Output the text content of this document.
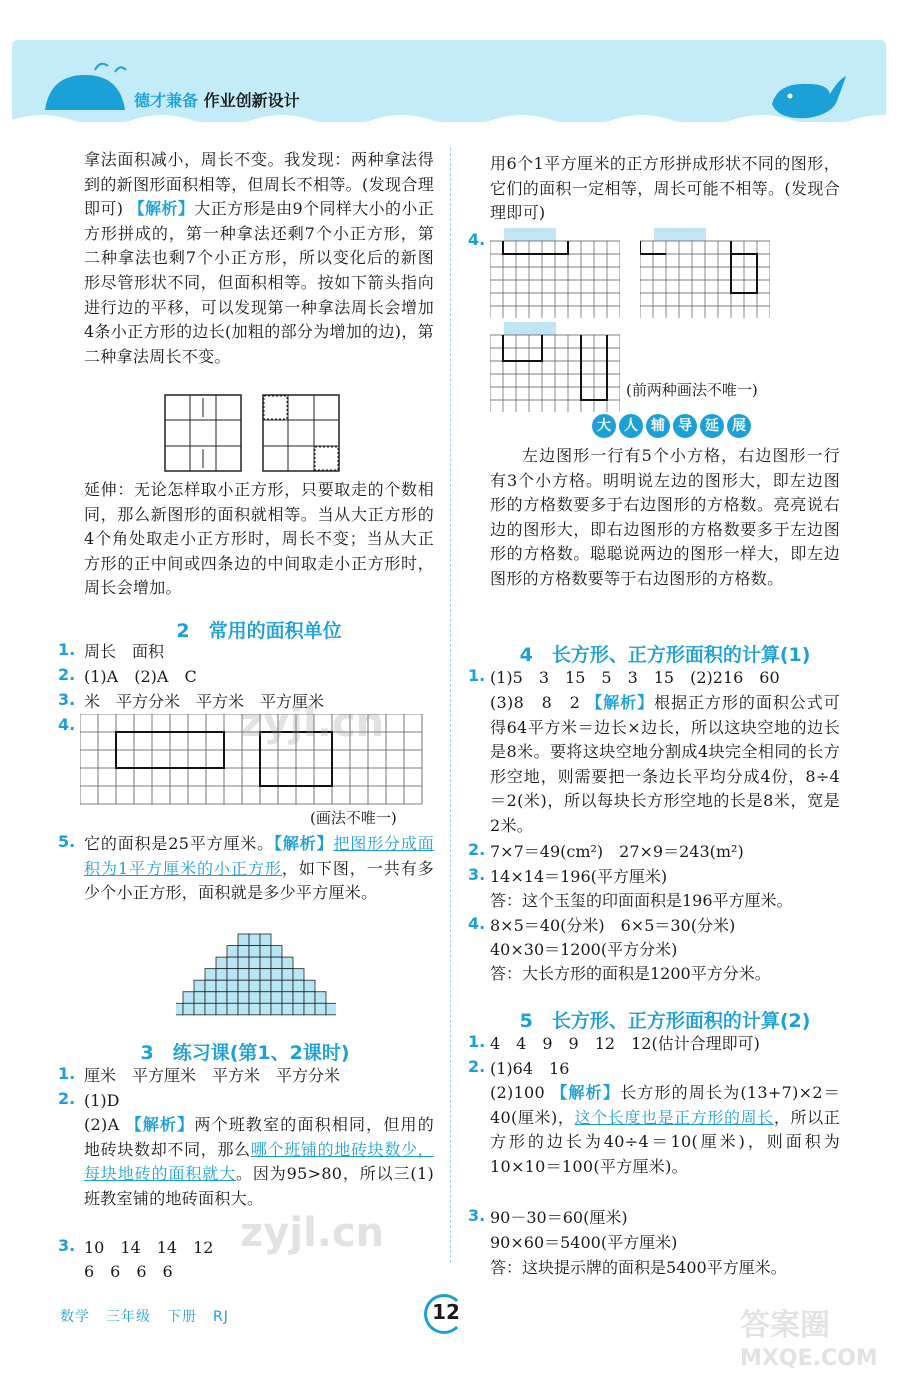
德才兼备 作业创新设计
拿法面积减小，周长不变。我发现：两种拿法得到的新图形面积相等，但周长不相等。(发现合理即可) 【解析】大正方形是由9个同样大小的小正方形拼成的，第一种拿法还剩7个小正方形，第二种拿法也剩7个小正方形，所以变化后的新图形尽管形状不同，但面积相等。按如下箭头指向进行边的平移，可以发现第一种拿法周长会增加4条小正方形的边长(加粗的部分为增加的边)，第二种拿法周长不变。
延伸：无论怎样取小正方形，只要取走的个数相同，那么新图形的面积就相等。当从大正方形的4个角处取走小正方形时，周长不变；当从大正方形的正中间或四条边的中间取走小正方形时，周长会增加。
2　常用的面积单位
1. 周长　面积
2. (1)A　(2)A　C
3. 米　平方分米　平方米　平方厘米
4.
(画法不唯一)
5. 它的面积是25平方厘米。【解析】把图形分成面积为1平方厘米的小正方形，如下图，一共有多少个小正方形，面积就是多少平方厘米。
3　练习课(第1、2课时)
1. 厘米　平方厘米　平方米　平方分米
2. (1)D
(2)A 【解析】两个班教室的面积相同，但用的地砖块数却不同，那么哪个班铺的地砖块数少，每块地砖的面积就大。因为95>80，所以三(1)班教室铺的地砖面积大。
3. 10　14　14　12
6　6　6　6
用6个1平方厘米的正方形拼成形状不同的图形，它们的面积一定相等，周长可能不相等。(发现合理即可)
4.
(前两种画法不唯一)
大 人 辅 导 延 展
左边图形一行有5个小方格，右边图形一行有3个小方格。明明说左边的图形大，即左边图形的方格数要多于右边图形的方格数。亮亮说右边的图形大，即右边图形的方格数要多于左边图形的方格数。聪聪说两边的图形一样大，即左边图形的方格数要等于右边图形的方格数。
4　长方形、正方形面积的计算(1)
1. (1)5　3　15　5　3　15　(2)216　60
(3)8　8　2 【解析】根据正方形的面积公式可得64平方米＝边长×边长，所以这块空地的边长是8米。要将这块空地分割成4块完全相同的长方形空地，则需要把一条边长平均分成4份，8÷4＝2(米)，所以每块长方形空地的长是8米，宽是2米。
2. 7×7＝49(cm²)　27×9＝243(m²)
3. 14×14＝196(平方厘米)
答：这个玉玺的印面面积是196平方厘米。
4. 8×5＝40(分米)　6×5＝30(分米)
40×30＝1200(平方分米)
答：大长方形的面积是1200平方分米。
5　长方形、正方形面积的计算(2)
1. 4　4　9　9　12　12(估计合理即可)
2. (1)64　16
(2)100 【解析】长方形的周长为(13+7)×2＝40(厘米)，这个长度也是正方形的周长，所以正方形的边长为40÷4＝10(厘米)，则面积为10×10＝100(平方厘米)。
3. 90－30＝60(厘米)
90×60＝5400(平方厘米)
答：这块提示牌的面积是5400平方厘米。
zyjl.cn
zyjl.cn
答案圈
MXQE.COM
数学 三年级 下册 RJ	12
